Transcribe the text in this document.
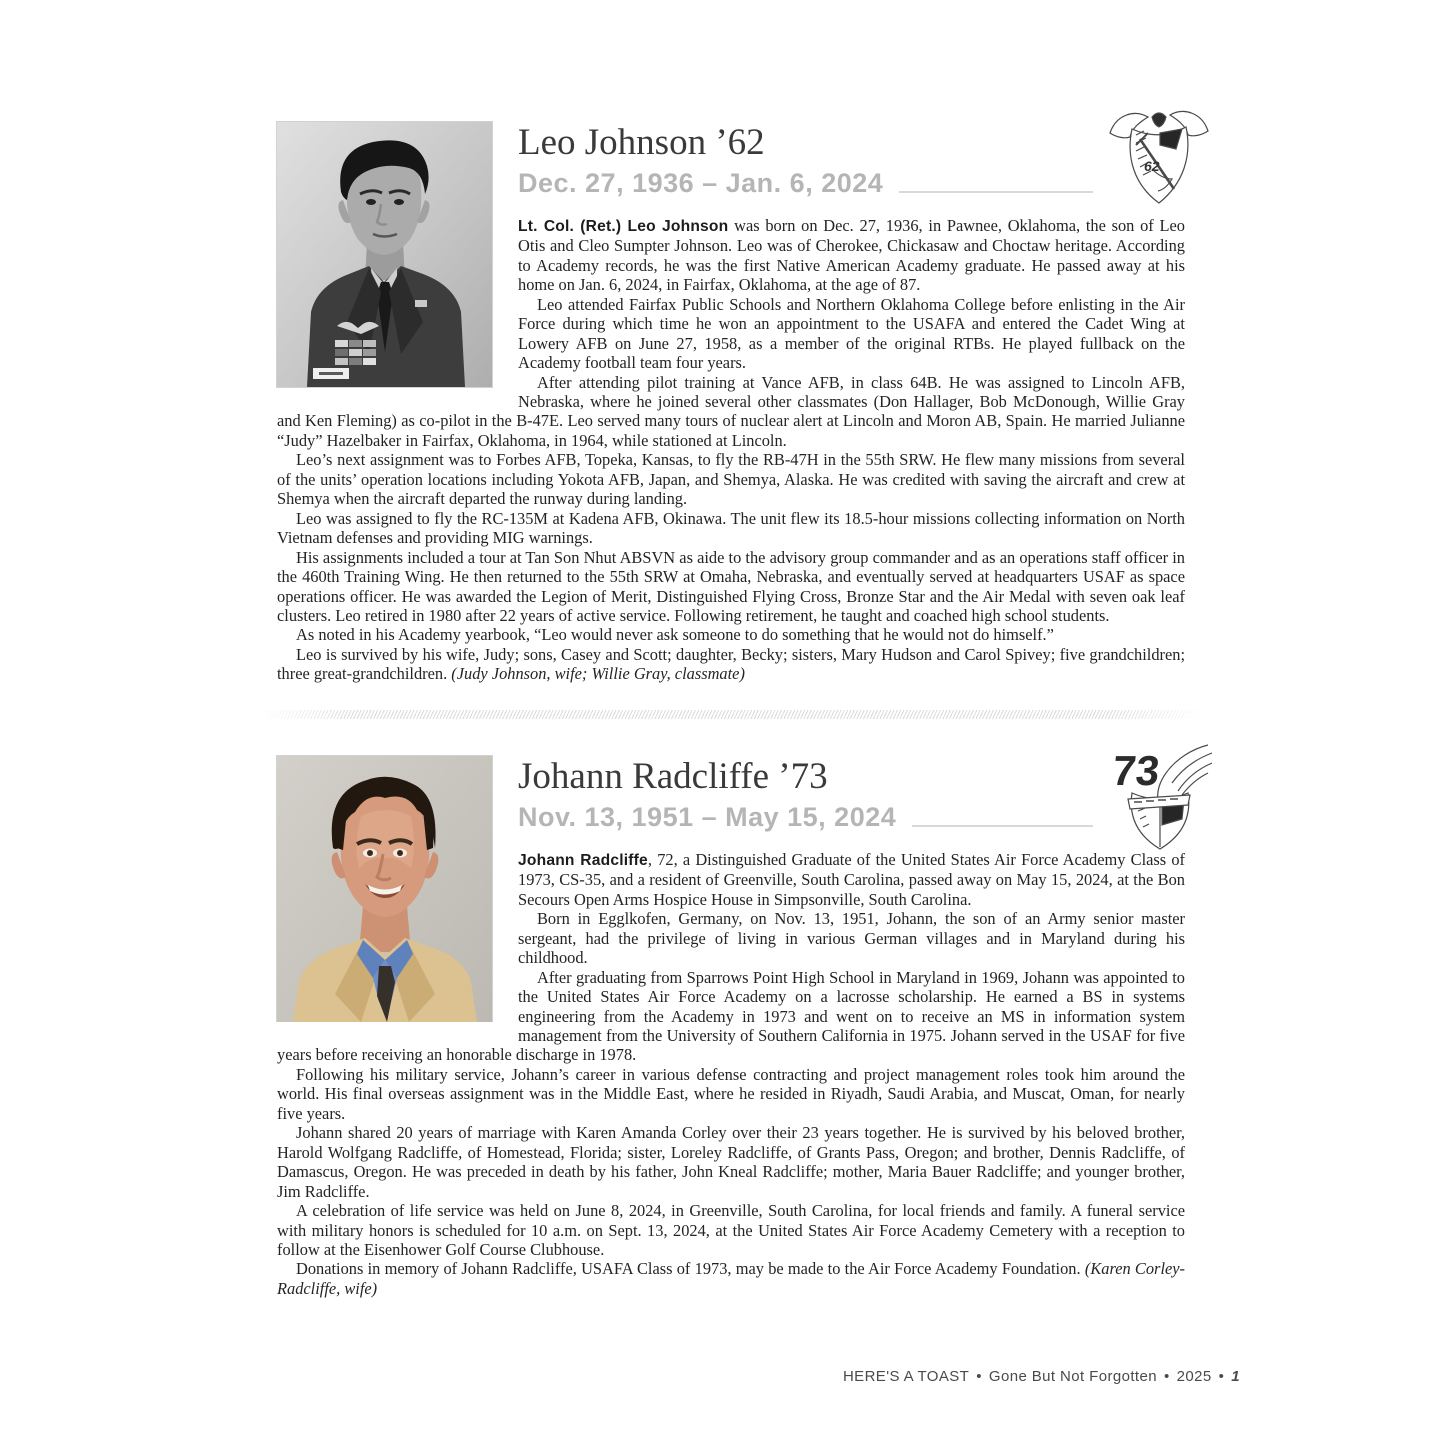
62
Leo Johnson ’62
Dec. 27, 1936 – Jan. 6, 2024

Lt. Col. (Ret.) Leo Johnson was born on Dec. 27, 1936, in Pawnee, Oklahoma, the son of Leo Otis and Cleo Sumpter Johnson. Leo was of Cherokee, Chickasaw and Choctaw heritage. According to Academy records, he was the first Native American Academy graduate. He passed away at his home on Jan. 6, 2024, in Fairfax, Oklahoma, at the age of 87.

Leo attended Fairfax Public Schools and Northern Oklahoma College before enlisting in the Air Force during which time he won an appointment to the USAFA and entered the Cadet Wing at Lowery AFB on June 27, 1958, as a member of the original RTBs. He played fullback on the Academy football team four years.

After attending pilot training at Vance AFB, in class 64B. He was assigned to Lincoln AFB, Nebraska, where he joined several other classmates (Don Hallager, Bob McDonough, Willie Gray and Ken Fleming) as co-pilot in the B-47E. Leo served many tours of nuclear alert at Lincoln and Moron AB, Spain. He married Julianne “Judy” Hazelbaker in Fairfax, Oklahoma, in 1964, while stationed at Lincoln.

Leo’s next assignment was to Forbes AFB, Topeka, Kansas, to fly the RB-47H in the 55th SRW. He flew many missions from several of the units’ operation locations including Yokota AFB, Japan, and Shemya, Alaska. He was credited with saving the aircraft and crew at Shemya when the aircraft departed the runway during landing.

Leo was assigned to fly the RC-135M at Kadena AFB, Okinawa. The unit flew its 18.5-hour missions collecting information on North Vietnam defenses and providing MIG warnings.

His assignments included a tour at Tan Son Nhut ABSVN as aide to the advisory group commander and as an operations staff officer in the 460th Training Wing. He then returned to the 55th SRW at Omaha, Nebraska, and eventually served at headquarters USAF as space operations officer. He was awarded the Legion of Merit, Distinguished Flying Cross, Bronze Star and the Air Medal with seven oak leaf clusters. Leo retired in 1980 after 22 years of active service. Following retirement, he taught and coached high school students.

As noted in his Academy yearbook, “Leo would never ask someone to do something that he would not do himself.”

Leo is survived by his wife, Judy; sons, Casey and Scott; daughter, Becky; sisters, Mary Hudson and Carol Spivey; five grandchildren; three great-grandchildren. (Judy Johnson, wife; Willie Gray, classmate)

73
Johann Radcliffe ’73
Nov. 13, 1951 – May 15, 2024

Johann Radcliffe, 72, a Distinguished Graduate of the United States Air Force Academy Class of 1973, CS-35, and a resident of Greenville, South Carolina, passed away on May 15, 2024, at the Bon Secours Open Arms Hospice House in Simpsonville, South Carolina.

Born in Egglkofen, Germany, on Nov. 13, 1951, Johann, the son of an Army senior master sergeant, had the privilege of living in various German villages and in Maryland during his childhood.

After graduating from Sparrows Point High School in Maryland in 1969, Johann was appointed to the United States Air Force Academy on a lacrosse scholarship. He earned a BS in systems engineering from the Academy in 1973 and went on to receive an MS in information system management from the University of Southern California in 1975. Johann served in the USAF for five years before receiving an honorable discharge in 1978.

Following his military service, Johann’s career in various defense contracting and project management roles took him around the world. His final overseas assignment was in the Middle East, where he resided in Riyadh, Saudi Arabia, and Muscat, Oman, for nearly five years.

Johann shared 20 years of marriage with Karen Amanda Corley over their 23 years together. He is survived by his beloved brother, Harold Wolfgang Radcliffe, of Homestead, Florida; sister, Loreley Radcliffe, of Grants Pass, Oregon; and brother, Dennis Radcliffe, of Damascus, Oregon. He was preceded in death by his father, John Kneal Radcliffe; mother, Maria Bauer Radcliffe; and younger brother, Jim Radcliffe.

A celebration of life service was held on June 8, 2024, in Greenville, South Carolina, for local friends and family. A funeral service with military honors is scheduled for 10 a.m. on Sept. 13, 2024, at the United States Air Force Academy Cemetery with a reception to follow at the Eisenhower Golf Course Clubhouse.

Donations in memory of Johann Radcliffe, USAFA Class of 1973, may be made to the Air Force Academy Foundation. (Karen Corley-Radcliffe, wife)

HERE'S A TOAST • Gone But Not Forgotten • 2025 • 1
